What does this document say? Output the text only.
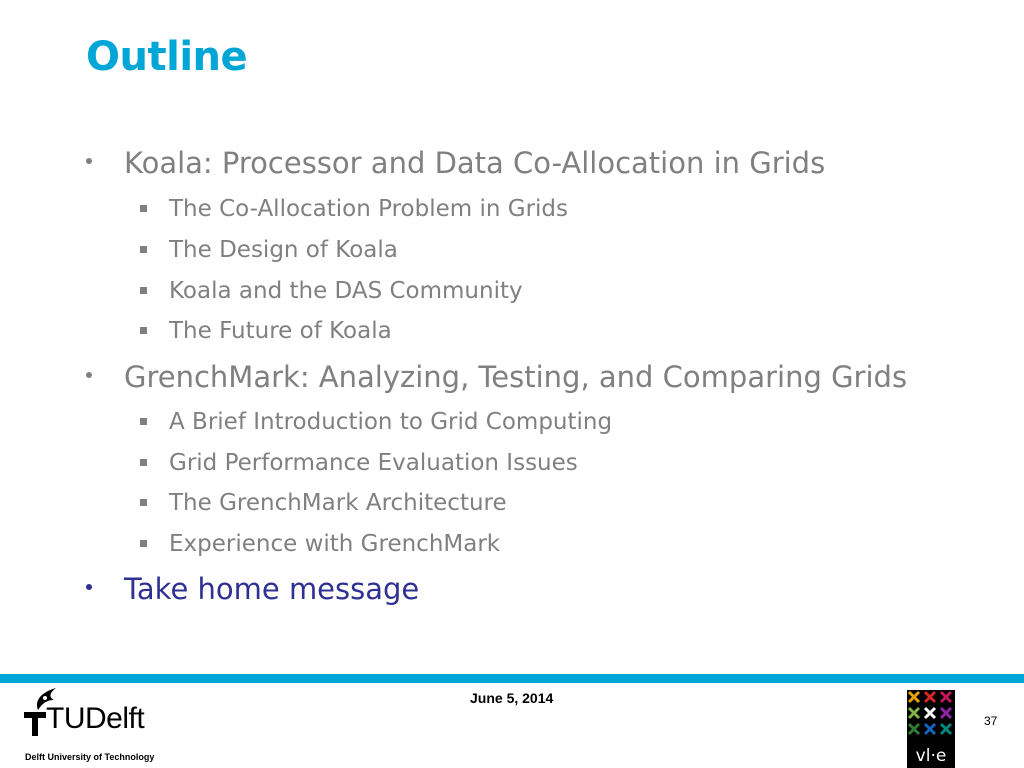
Outline
Koala: Processor and Data Co-Allocation in Grids
The Co-Allocation Problem in Grids
The Design of Koala
Koala and the DAS Community
The Future of Koala
GrenchMark: Analyzing, Testing, and Comparing Grids
A Brief Introduction to Grid Computing
Grid Performance Evaluation Issues
The GrenchMark Architecture
Experience with GrenchMark
Take home message
TUDelft
Delft University of Technology
June 5, 2014
vl·e
37
